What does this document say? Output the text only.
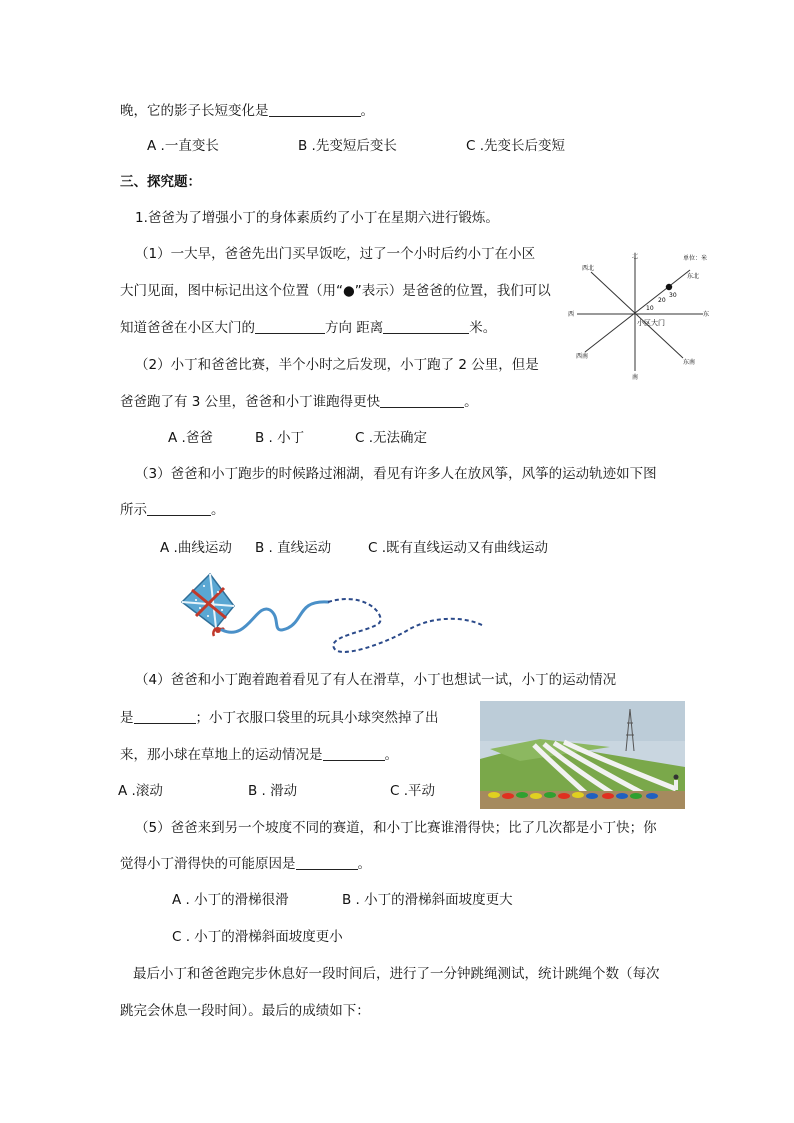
晚，它的影子长短变化是	。
A .一直变长	B .先变短后变长	C .先变长后变短
三、探究题：
1.爸爸为了增强小丁的身体素质约了小丁在星期六进行锻炼。
（1）一大早，爸爸先出门买早饭吃，过了一个小时后约小丁在小区
大门见面，图中标记出这个位置（用“●”表示）是爸爸的位置，我们可以
知道爸爸在小区大门的	方向 距离	米。
北
南
东
西
东北
西北
东南
西南
单位：米
10
20
30
小区大门
（2）小丁和爸爸比赛，半个小时之后发现，小丁跑了 2 公里，但是
爸爸跑了有 3 公里，爸爸和小丁谁跑得更快	。
A .爸爸	B . 小丁	C .无法确定
（3）爸爸和小丁跑步的时候路过湘湖，看见有许多人在放风筝，风筝的运动轨迹如下图
所示	。
A .曲线运动 B . 直线运动	C .既有直线运动又有曲线运动
（4）爸爸和小丁跑着跑着看见了有人在滑草，小丁也想试一试，小丁的运动情况
是	；小丁衣服口袋里的玩具小球突然掉了出
来，那小球在草地上的运动情况是	。
A .滚动	B . 滑动	C .平动
（5）爸爸来到另一个坡度不同的赛道，和小丁比赛谁滑得快；比了几次都是小丁快；你
觉得小丁滑得快的可能原因是	。
A . 小丁的滑梯很滑	B . 小丁的滑梯斜面坡度更大
C . 小丁的滑梯斜面坡度更小
最后小丁和爸爸跑完步休息好一段时间后，进行了一分钟跳绳测试，统计跳绳个数（每次
跳完会休息一段时间）。最后的成绩如下：
